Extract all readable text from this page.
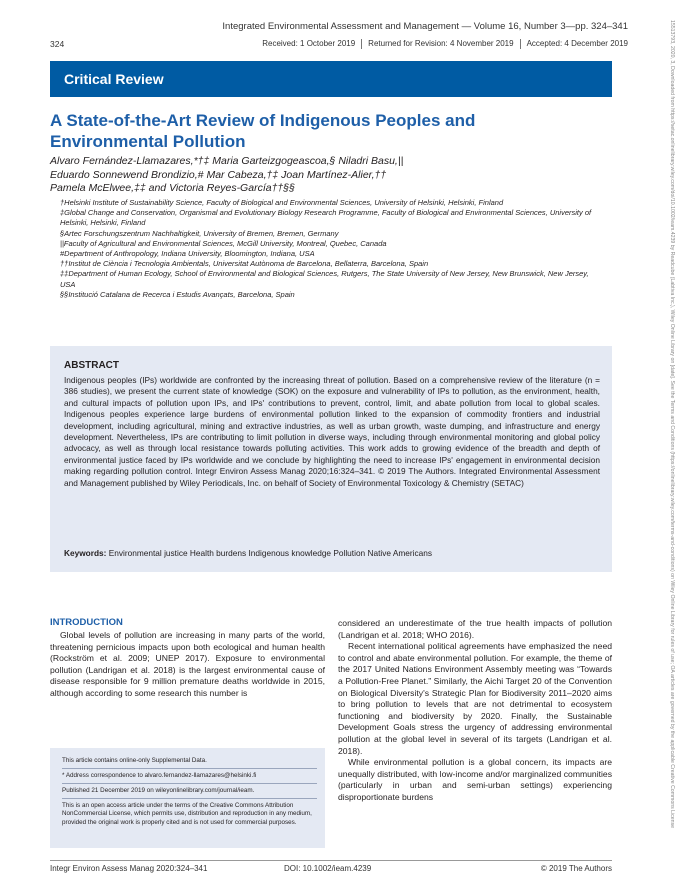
Integrated Environmental Assessment and Management — Volume 16, Number 3—pp. 324–341
324	Received: 1 October 2019 Returned for Revision: 4 November 2019 Accepted: 4 December 2019
Critical Review
A State-of-the-Art Review of Indigenous Peoples and Environmental Pollution
Alvaro Fernández-Llamazares,*†‡ Maria Garteizgogeascoa,§ Niladri Basu,||
Eduardo Sonnewend Brondizio,# Mar Cabeza,†‡ Joan Martínez-Alier,††
Pamela McElwee,‡‡ and Victoria Reyes-García††§§
†Helsinki Institute of Sustainability Science, Faculty of Biological and Environmental Sciences, University of Helsinki, Helsinki, Finland
‡Global Change and Conservation, Organismal and Evolutionary Biology Research Programme, Faculty of Biological and Environmental Sciences, University of Helsinki, Helsinki, Finland
§Artec Forschungszentrum Nachhaltigkeit, University of Bremen, Bremen, Germany
||Faculty of Agricultural and Environmental Sciences, McGill University, Montreal, Quebec, Canada
#Department of Anthropology, Indiana University, Bloomington, Indiana, USA
††Institut de Ciència i Tecnologia Ambientals, Universitat Autònoma de Barcelona, Bellaterra, Barcelona, Spain
‡‡Department of Human Ecology, School of Environmental and Biological Sciences, Rutgers, The State University of New Jersey, New Brunswick, New Jersey, USA
§§Institució Catalana de Recerca i Estudis Avançats, Barcelona, Spain
ABSTRACT
Indigenous peoples (IPs) worldwide are confronted by the increasing threat of pollution. Based on a comprehensive review of the literature (n = 386 studies), we present the current state of knowledge (SOK) on the exposure and vulnerability of IPs to pollution, as the environment, health, and cultural impacts of pollution upon IPs, and IPs' contributions to prevent, control, limit, and abate pollution from local to global scales. Indigenous peoples experience large burdens of environmental pollution linked to the expansion of commodity frontiers and industrial development, including agricultural, mining and extractive industries, as well as urban growth, waste dumping, and infrastructure and energy development. Nevertheless, IPs are contributing to limit pollution in diverse ways, including through environmental monitoring and global policy advocacy, as well as through local resistance towards polluting activities. This work adds to growing evidence of the breadth and depth of environmental justice faced by IPs worldwide and we conclude by highlighting the need to increase IPs' engagement in environmental decision making regarding pollution control. Integr Environ Assess Manag 2020;16:324–341. © 2019 The Authors. Integrated Environmental Assessment and Management published by Wiley Periodicals, Inc. on behalf of Society of Environmental Toxicology & Chemistry (SETAC)
Keywords: Environmental justice Health burdens Indigenous knowledge Pollution Native Americans
INTRODUCTION

Global levels of pollution are increasing in many parts of the world, threatening pernicious impacts upon both ecological and human health (Rockström et al. 2009; UNEP 2017). Exposure to environmental pollution (Landrigan et al. 2018) is the largest environmental cause of disease responsible for 9 million premature deaths worldwide in 2015, although according to some research this number is

considered an underestimate of the true health impacts of pollution (Landrigan et al. 2018; WHO 2016).

Recent international political agreements have emphasized the need to control and abate environmental pollution. For example, the theme of the 2017 United Nations Environment Assembly meeting was “Towards a Pollution-Free Planet.” Similarly, the Aichi Target 20 of the Convention on Biological Diversity's Strategic Plan for Biodiversity 2011–2020 aims to bring pollution to levels that are not detrimental to ecosystem functioning and biodiversity by 2020. Finally, the Sustainable Development Goals stress the urgency of addressing environmental pollution at the global level in several of its targets (Landrigan et al. 2018).

While environmental pollution is a global concern, its impacts are unequally distributed, with low-income and/or marginalized communities (particularly in urban and semi-urban settings) experiencing disproportionate burdens

This article contains online-only Supplemental Data.
* Address correspondence to alvaro.fernandez-llamazares@helsinki.fi
Published 21 December 2019 on wileyonlinelibrary.com/journal/ieam.
This is an open access article under the terms of the Creative Commons Attribution NonCommercial License, which permits use, distribution and reproduction in any medium, provided the original work is properly cited and is not used for commercial purposes.
Integr Environ Assess Manag 2020:324–341	DOI: 10.1002/ieam.4239	© 2019 The Authors
15513793, 2020, 3, Downloaded from https://setac.onlinelibrary.wiley.com/doi/10.1002/ieam.4239 by Readcube (Labtiva Inc.), Wiley Online Library on [date]. See the Terms and Conditions (https://onlinelibrary.wiley.com/terms-and-conditions) on Wiley Online Library for rules of use; OA articles are governed by the applicable Creative Commons License
